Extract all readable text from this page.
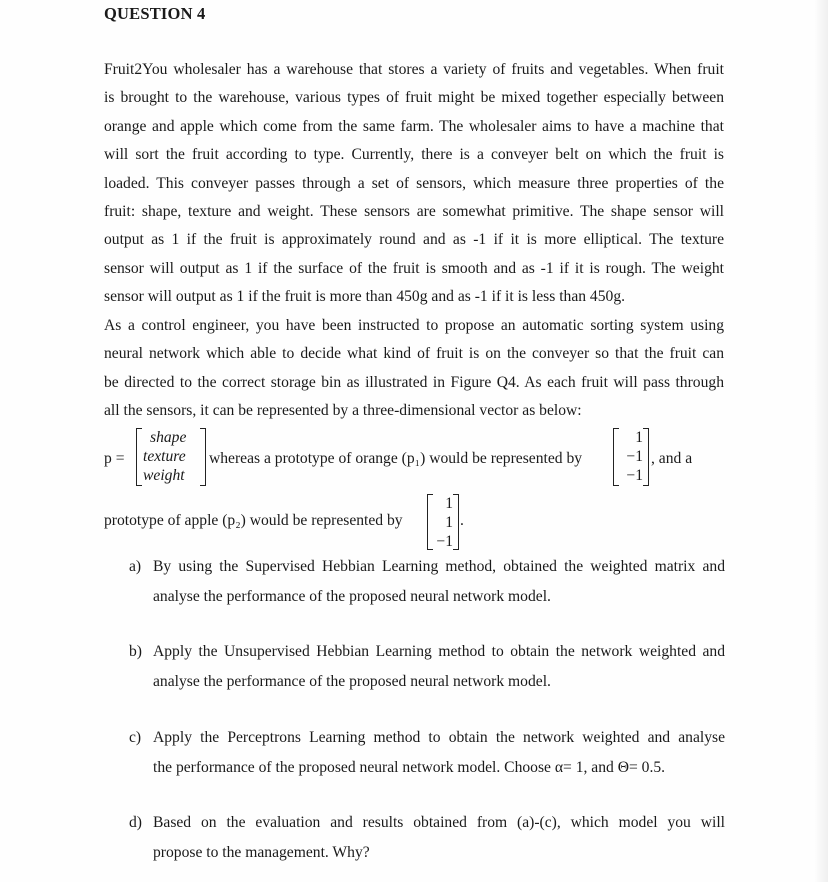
QUESTION 4
Fruit2You wholesaler has a warehouse that stores a variety of fruits and vegetables. When fruit
is brought to the warehouse, various types of fruit might be mixed together especially between
orange and apple which come from the same farm. The wholesaler aims to have a machine that
will sort the fruit according to type. Currently, there is a conveyer belt on which the fruit is
loaded. This conveyer passes through a set of sensors, which measure three properties of the
fruit: shape, texture and weight. These sensors are somewhat primitive. The shape sensor will
output as 1 if the fruit is approximately round and as -1 if it is more elliptical. The texture
sensor will output as 1 if the surface of the fruit is smooth and as -1 if it is rough. The weight
sensor will output as 1 if the fruit is more than 450g and as -1 if it is less than 450g.
As a control engineer, you have been instructed to propose an automatic sorting system using
neural network which able to decide what kind of fruit is on the conveyer so that the fruit can
be directed to the correct storage bin as illustrated in Figure Q4. As each fruit will pass through
all the sensors, it can be represented by a three-dimensional vector as below:
p =
shape
texture
weight
whereas a prototype of orange (p₁) would be represented by
1
−1
−1
, and a
prototype of apple (p₂) would be represented by
1
1
−1
.
a) By using the Supervised Hebbian Learning method, obtained the weighted matrix and
analyse the performance of the proposed neural network model.
b) Apply the Unsupervised Hebbian Learning method to obtain the network weighted and
analyse the performance of the proposed neural network model.
c) Apply the Perceptrons Learning method to obtain the network weighted and analyse
the performance of the proposed neural network model. Choose α= 1, and Θ= 0.5.
d) Based on the evaluation and results obtained from (a)-(c), which model you will
propose to the management. Why?
